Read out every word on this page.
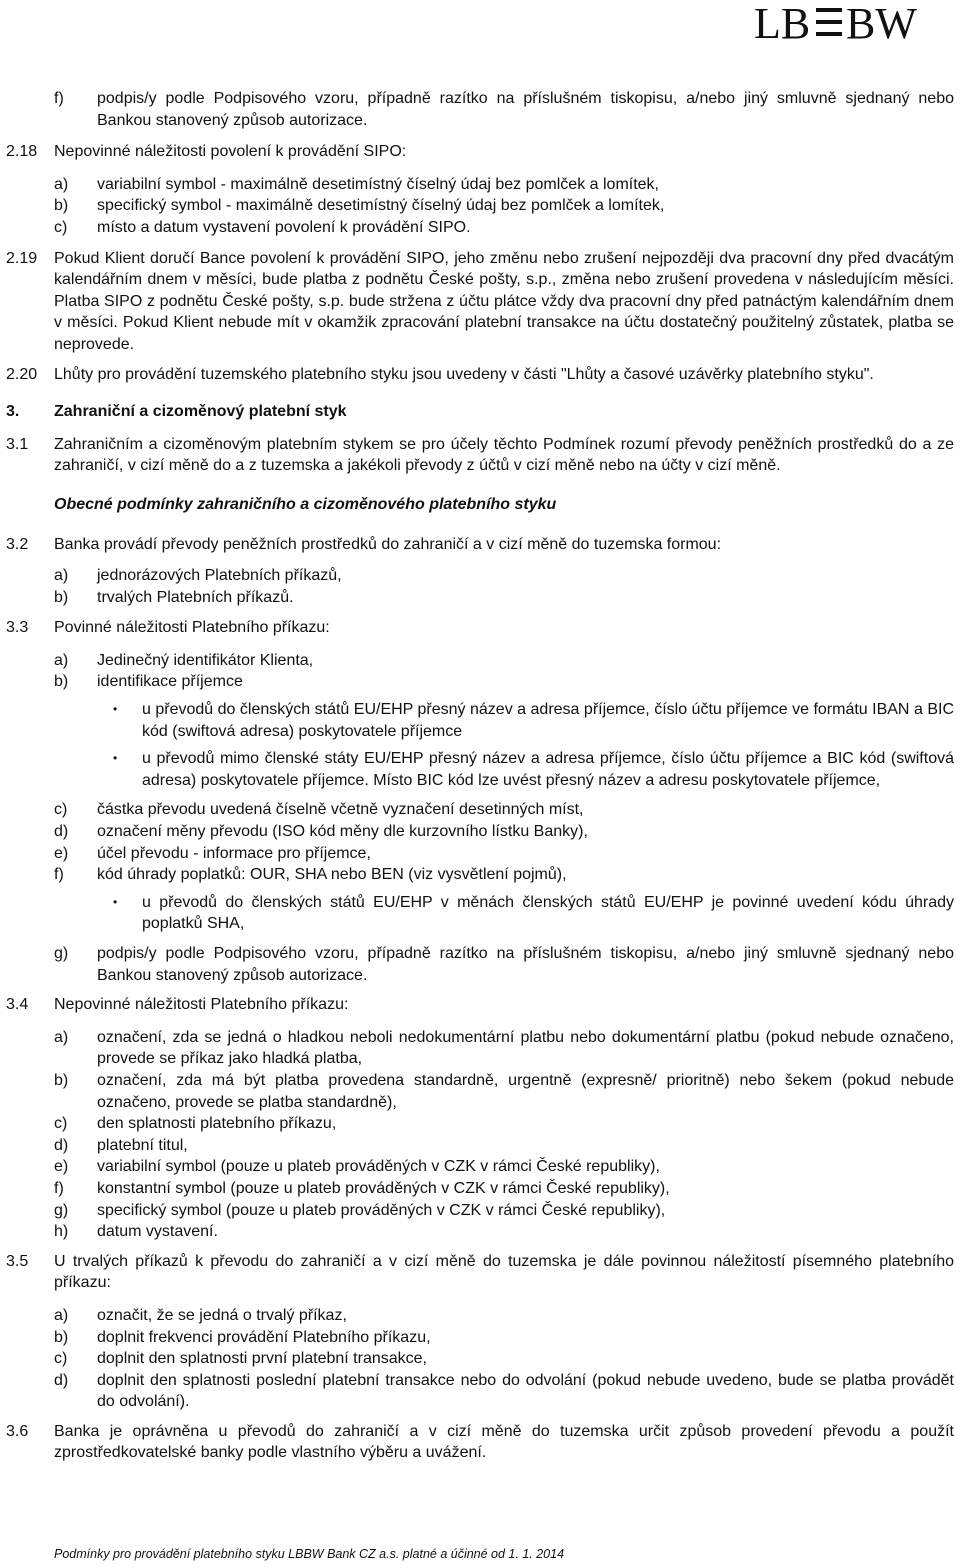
LB BW
f) podpis/y podle Podpisového vzoru, případně razítko na příslušném tiskopisu, a/nebo jiný smluvně sjednaný nebo Bankou stanovený způsob autorizace.
2.18 Nepovinné náležitosti povolení k provádění SIPO:
a) variabilní symbol - maximálně desetimístný číselný údaj bez pomlček a lomítek,
b) specifický symbol - maximálně desetimístný číselný údaj bez pomlček a lomítek,
c) místo a datum vystavení povolení k provádění SIPO.
2.19 Pokud Klient doručí Bance povolení k provádění SIPO, jeho změnu nebo zrušení nejpozději dva pracovní dny před dvacátým kalendářním dnem v měsíci, bude platba z podnětu České pošty, s.p., změna nebo zrušení provedena v následujícím měsíci. Platba SIPO z podnětu České pošty, s.p. bude stržena z účtu plátce vždy dva pracovní dny před patnáctým kalendářním dnem v měsíci. Pokud Klient nebude mít v okamžik zpracování platební transakce na účtu dostatečný použitelný zůstatek, platba se neprovede.
2.20 Lhůty pro provádění tuzemského platebního styku jsou uvedeny v části "Lhůty a časové uzávěrky platebního styku".
3. Zahraniční a cizoměnový platební styk
3.1 Zahraničním a cizoměnovým platebním stykem se pro účely těchto Podmínek rozumí převody peněžních prostředků do a ze zahraničí, v cizí měně do a z tuzemska a jakékoli převody z účtů v cizí měně nebo na účty v cizí měně.
Obecné podmínky zahraničního a cizoměnového platebního styku
3.2 Banka provádí převody peněžních prostředků do zahraničí a v cizí měně do tuzemska formou:
a) jednorázových Platebních příkazů,
b) trvalých Platebních příkazů.
3.3 Povinné náležitosti Platebního příkazu:
a) Jedinečný identifikátor Klienta,
b) identifikace příjemce
• u převodů do členských států EU/EHP přesný název a adresa příjemce, číslo účtu příjemce ve formátu IBAN a BIC kód (swiftová adresa) poskytovatele příjemce
• u převodů mimo členské státy EU/EHP přesný název a adresa příjemce, číslo účtu příjemce a BIC kód (swiftová adresa) poskytovatele příjemce. Místo BIC kód lze uvést přesný název a adresu poskytovatele příjemce,
c) částka převodu uvedená číselně včetně vyznačení desetinných míst,
d) označení měny převodu (ISO kód měny dle kurzovního lístku Banky),
e) účel převodu - informace pro příjemce,
f) kód úhrady poplatků: OUR, SHA nebo BEN (viz vysvětlení pojmů),
• u převodů do členských států EU/EHP v měnách členských států EU/EHP je povinné uvedení kódu úhrady poplatků SHA,
g) podpis/y podle Podpisového vzoru, případně razítko na příslušném tiskopisu, a/nebo jiný smluvně sjednaný nebo Bankou stanovený způsob autorizace.
3.4 Nepovinné náležitosti Platebního příkazu:
a) označení, zda se jedná o hladkou neboli nedokumentární platbu nebo dokumentární platbu (pokud nebude označeno, provede se příkaz jako hladká platba,
b) označení, zda má být platba provedena standardně, urgentně (expresně/ prioritně) nebo šekem (pokud nebude označeno, provede se platba standardně),
c) den splatnosti platebního příkazu,
d) platební titul,
e) variabilní symbol (pouze u plateb prováděných v CZK v rámci České republiky),
f) konstantní symbol (pouze u plateb prováděných v CZK v rámci České republiky),
g) specifický symbol (pouze u plateb prováděných v CZK v rámci České republiky),
h) datum vystavení.
3.5 U trvalých příkazů k převodu do zahraničí a v cizí měně do tuzemska je dále povinnou náležitostí písemného platebního příkazu:
a) označit, že se jedná o trvalý příkaz,
b) doplnit frekvenci provádění Platebního příkazu,
c) doplnit den splatnosti první platební transakce,
d) doplnit den splatnosti poslední platební transakce nebo do odvolání (pokud nebude uvedeno, bude se platba provádět do odvolání).
3.6 Banka je oprávněna u převodů do zahraničí a v cizí měně do tuzemska určit způsob provedení převodu a použít zprostředkovatelské banky podle vlastního výběru a uvážení.
Podmínky pro provádění platebního styku LBBW Bank CZ a.s. platné a účinné od 1. 1. 2014
